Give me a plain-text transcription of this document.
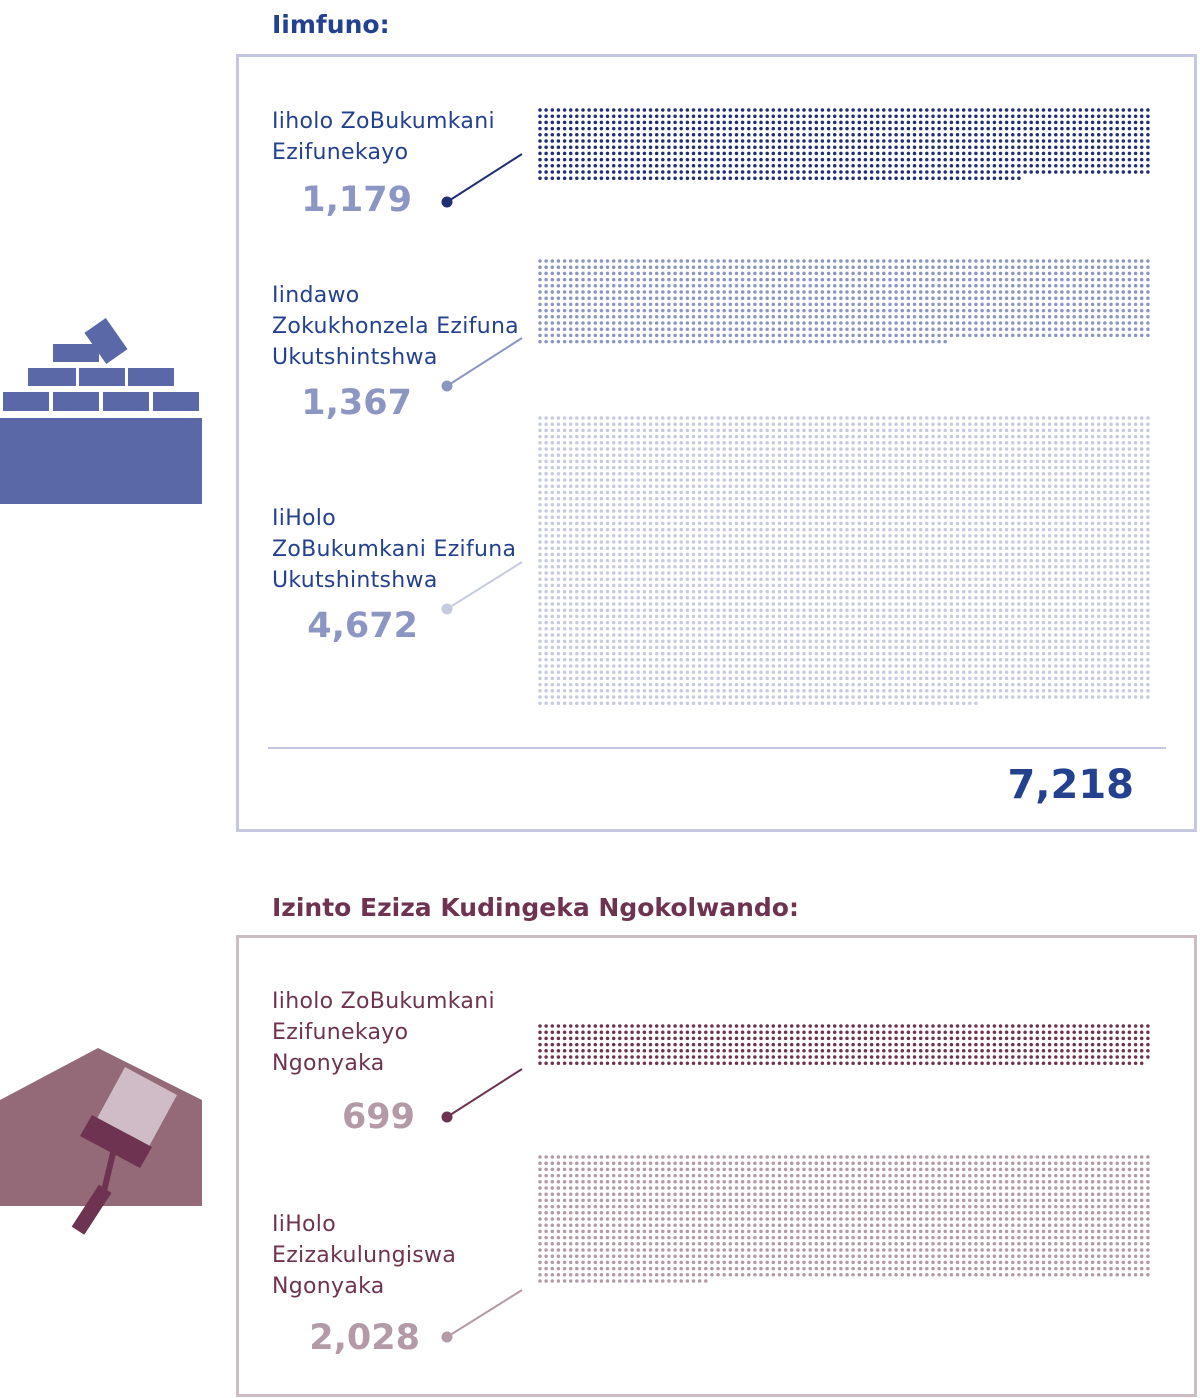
Iimfuno:
Iiholo ZoBukumkani
Ezifunekayo
1,179
Iindawo
Zokukhonzela Ezifuna
Ukutshintshwa
1,367
IiHolo
ZoBukumkani Ezifuna
Ukutshintshwa
4,672
7,218
Izinto Eziza Kudingeka Ngokolwando:
Iiholo ZoBukumkani
Ezifunekayo
Ngonyaka
699
IiHolo
Ezizakulungiswa
Ngonyaka
2,028
